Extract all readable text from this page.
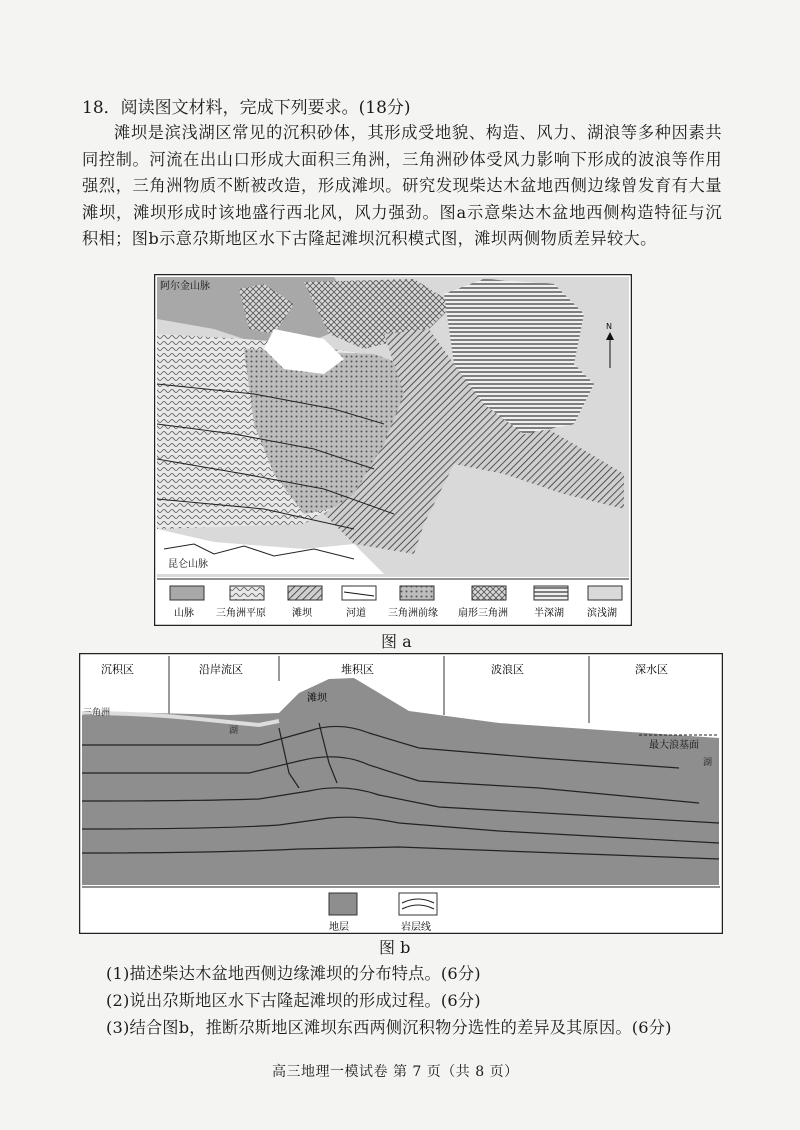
18．阅读图文材料，完成下列要求。(18分)
滩坝是滨浅湖区常见的沉积砂体，其形成受地貌、构造、风力、湖浪等多种因素共同控制。河流在出山口形成大面积三角洲，三角洲砂体受风力影响下形成的波浪等作用强烈，三角洲物质不断被改造，形成滩坝。研究发现柴达木盆地西侧边缘曾发育有大量滩坝，滩坝形成时该地盛行西北风，风力强劲。图a示意柴达木盆地西侧构造特征与沉积相；图b示意尕斯地区水下古隆起滩坝沉积模式图，滩坝两侧物质差异较大。
阿尔金山脉
昆仑山脉
N
山脉 三角洲平原	滩坝	河道 三角洲前缘 扇形三角洲	半深湖 滨浅湖
图 a
沉积区	沿岸流区	堆积区	波浪区	深水区
滩坝
三角洲
湖
最大浪基面
湖
地层	岩层线
图 b
(1)描述柴达木盆地西侧边缘滩坝的分布特点。(6分)
(2)说出尕斯地区水下古隆起滩坝的形成过程。(6分)
(3)结合图b，推断尕斯地区滩坝东西两侧沉积物分选性的差异及其原因。(6分)
高三地理一模试卷 第 7 页（共 8 页）
